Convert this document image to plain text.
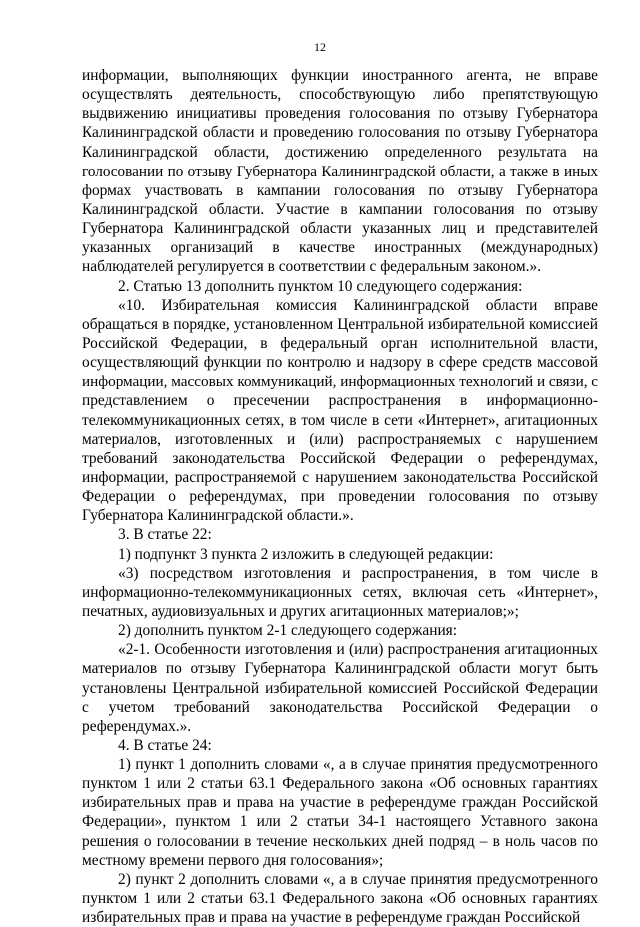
12
информации, выполняющих функции иностранного агента, не вправе
осуществлять деятельность, способствующую либо препятствующую
выдвижению инициативы проведения голосования по отзыву Губернатора
Калининградской области и проведению голосования по отзыву Губернатора
Калининградской области, достижению определенного результата на
голосовании по отзыву Губернатора Калининградской области, а также в иных
формах участвовать в кампании голосования по отзыву Губернатора
Калининградской области. Участие в кампании голосования по отзыву
Губернатора Калининградской области указанных лиц и представителей
указанных организаций в качестве иностранных (международных)
наблюдателей регулируется в соответствии с федеральным законом.».
2. Статью 13 дополнить пунктом 10 следующего содержания:
«10. Избирательная комиссия Калининградской области вправе
обращаться в порядке, установленном Центральной избирательной комиссией
Российской Федерации, в федеральный орган исполнительной власти,
осуществляющий функции по контролю и надзору в сфере средств массовой
информации, массовых коммуникаций, информационных технологий и связи, с
представлением о пресечении распространения в информационно-
телекоммуникационных сетях, в том числе в сети «Интернет», агитационных
материалов, изготовленных и (или) распространяемых с нарушением
требований законодательства Российской Федерации о референдумах,
информации, распространяемой с нарушением законодательства Российской
Федерации о референдумах, при проведении голосования по отзыву
Губернатора Калининградской области.».
3. В статье 22:
1) подпункт 3 пункта 2 изложить в следующей редакции:
«3) посредством изготовления и распространения, в том числе в
информационно-телекоммуникационных сетях, включая сеть «Интернет»,
печатных, аудиовизуальных и других агитационных материалов;»;
2) дополнить пунктом 2-1 следующего содержания:
«2-1. Особенности изготовления и (или) распространения агитационных
материалов по отзыву Губернатора Калининградской области могут быть
установлены Центральной избирательной комиссией Российской Федерации
с учетом требований законодательства Российской Федерации о
референдумах.».
4. В статье 24:
1) пункт 1 дополнить словами «, а в случае принятия предусмотренного
пунктом 1 или 2 статьи 63.1 Федерального закона «Об основных гарантиях
избирательных прав и права на участие в референдуме граждан Российской
Федерации», пунктом 1 или 2 статьи 34-1 настоящего Уставного закона
решения о голосовании в течение нескольких дней подряд – в ноль часов по
местному времени первого дня голосования»;
2) пункт 2 дополнить словами «, а в случае принятия предусмотренного
пунктом 1 или 2 статьи 63.1 Федерального закона «Об основных гарантиях
избирательных прав и права на участие в референдуме граждан Российской
